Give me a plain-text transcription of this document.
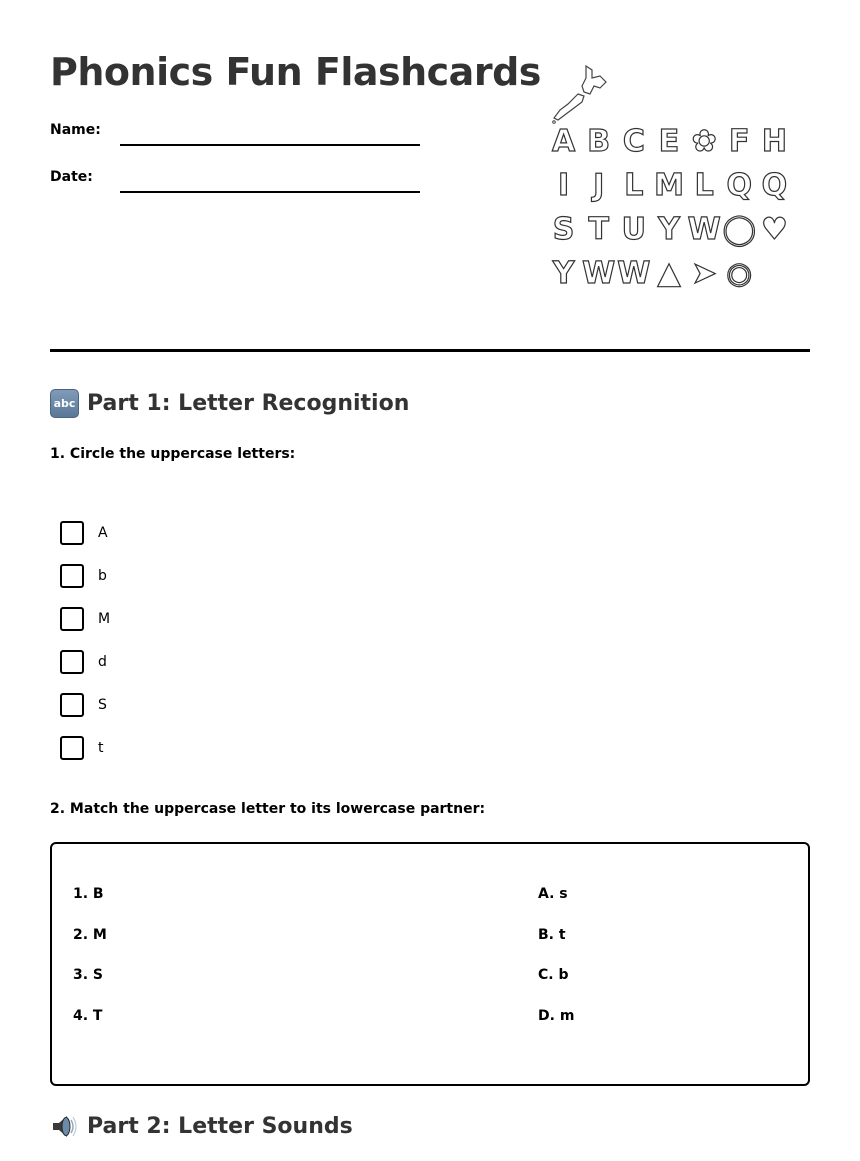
Phonics Fun Flashcards
Name:
Date:
A B C E ✿ F H
I J L M L Q Q
S T U Y W ◯ ♥
Y W W ▲ ➤ ◉
abc Part 1: Letter Recognition
1. Circle the uppercase letters:
A
b
M
d
S
t
2. Match the uppercase letter to its lowercase partner:
1. B
2. M
3. S
4. T
A. s
B. t
C. b
D. m
Part 2: Letter Sounds
